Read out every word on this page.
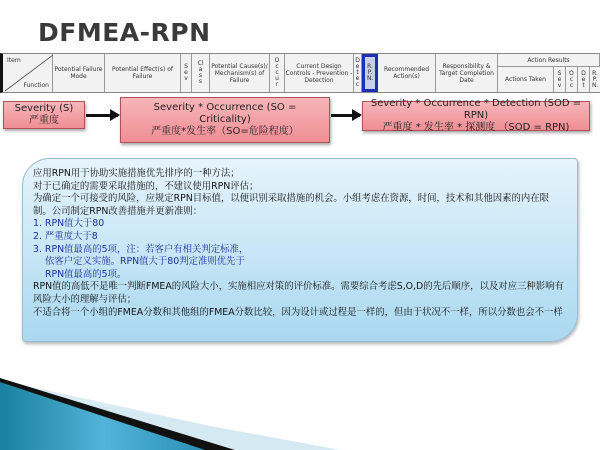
DFMEA-RPN
Item
Function
Potential Failure Mode
Potential Effect(s) of Failure
Sev
Class
Potential Cause(s)/ Mechanism(s) of Failure
Occur
Current Design Controls - Prevention - Detection
Detec
R.P.N.
Recommended Action(s)
Responsibility & Target Completion Date
Action Results
Actions Taken
Sev
Occ
Det
R.P.N.
Severity (S)
严重度
Severity * Occurrence (SO = Criticality)
严重度*发生率（SO=危险程度）
Severity * Occurrence * Detection (SOD = RPN)
严重度 * 发生率 * 探测度 （SOD = RPN)
应用RPN用于协助实施措施优先排序的一种方法；
对于已确定的需要采取措施的，不建议使用RPN评估；
为确定一个可接受的风险，应规定RPN目标值，以便识别采取措施的机会。小组考虑在资源，时间，技术和其他因素的内在限制。公司制定RPN改善措施并更新准则：
1. RPN值大于80
2. 严重度大于8
3. RPN值最高的5项，注：若客户有相关判定标准，
依客户定义实施。RPN值大于80判定准则优先于
RPN值最高的5项。
RPN值的高低不是唯一判断FMEA的风险大小，实施相应对策的评价标准。需要综合考虑S,O,D的先后顺序，以及对应三种影响有风险大小的理解与评估；
不适合将一个小组的FMEA分数和其他组的FMEA分数比较，因为设计或过程是一样的，但由于状况不一样，所以分数也会不一样
